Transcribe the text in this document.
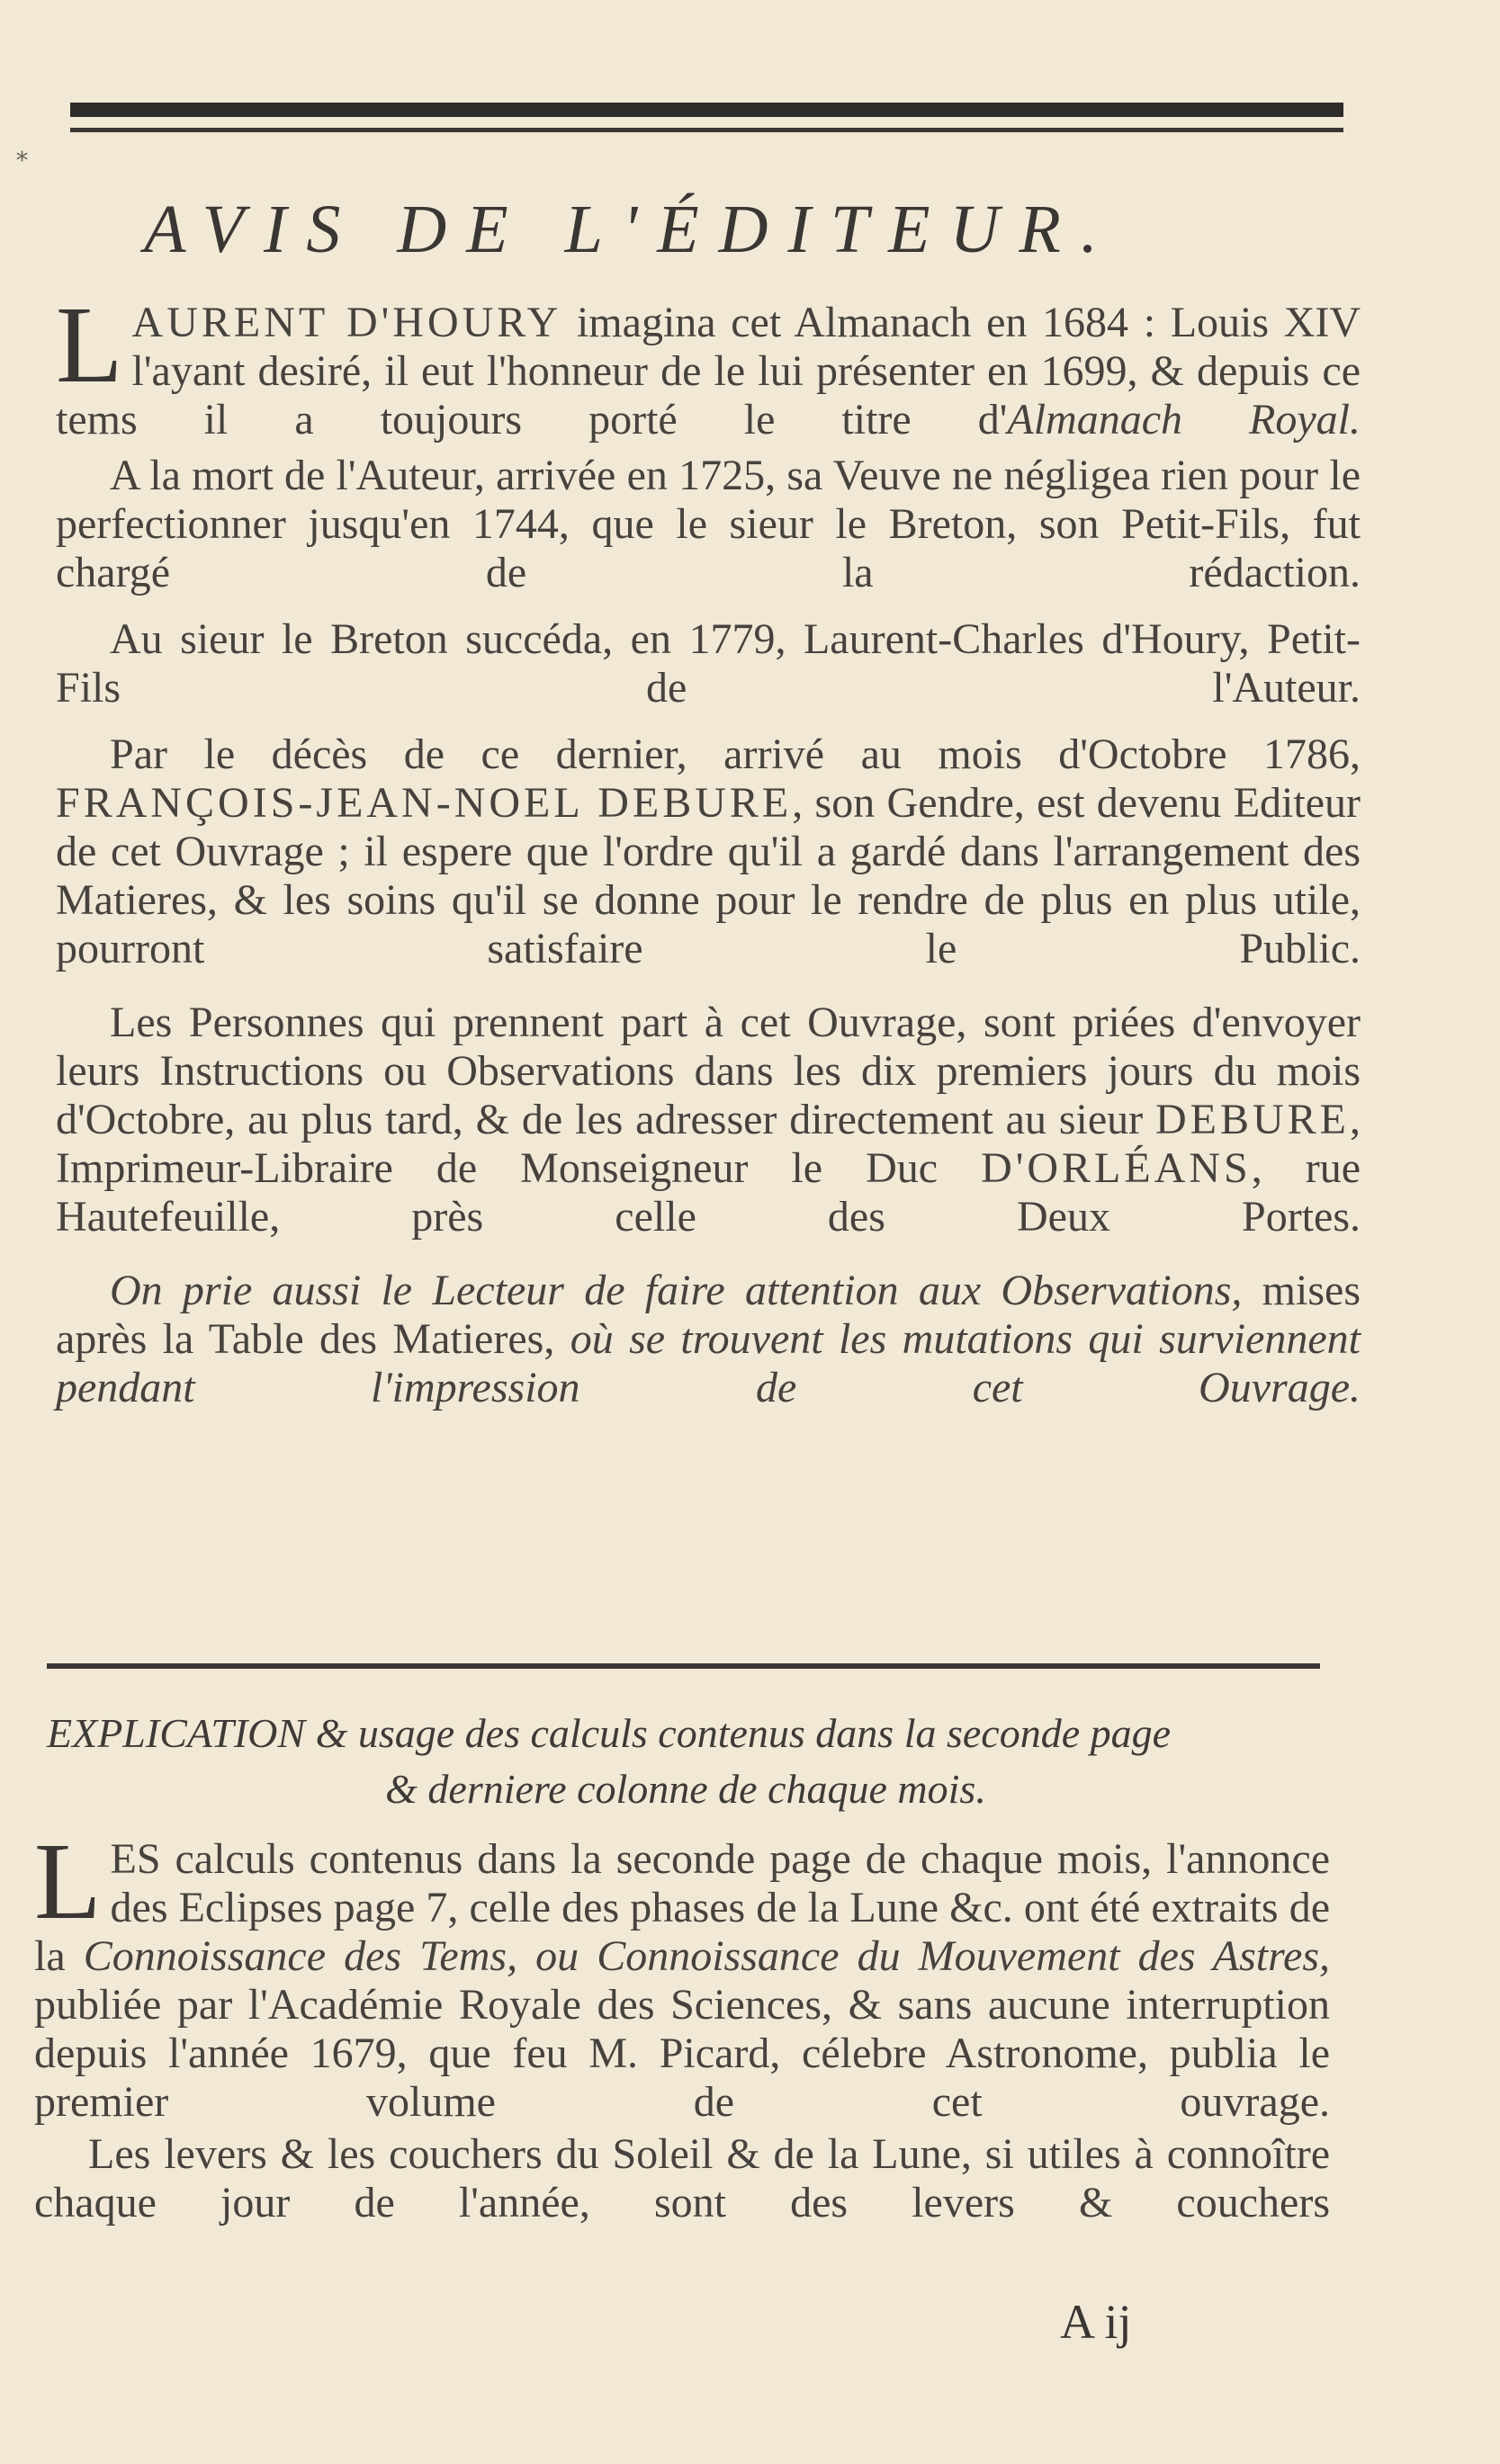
*
AVIS DE L'ÉDITEUR.

LAURENT D'HOURY imagina cet Almanach en 1684 : Louis XIV l'ayant desiré, il eut l'honneur de le lui présenter en 1699, & depuis ce tems il a toujours porté le titre d'Almanach Royal.

A la mort de l'Auteur, arrivée en 1725, sa Veuve ne négligea rien pour le perfectionner jusqu'en 1744, que le sieur le Breton, son Petit-Fils, fut chargé de la rédaction.

Au sieur le Breton succéda, en 1779, Laurent-Charles d'Houry, Petit-Fils de l'Auteur.

Par le décès de ce dernier, arrivé au mois d'Octobre 1786, FRANÇOIS-JEAN-NOEL DEBURE, son Gendre, est devenu Editeur de cet Ouvrage ; il espere que l'ordre qu'il a gardé dans l'arrangement des Matieres, & les soins qu'il se donne pour le rendre de plus en plus utile, pourront satisfaire le Public.

Les Personnes qui prennent part à cet Ouvrage, sont priées d'envoyer leurs Instructions ou Observations dans les dix premiers jours du mois d'Octobre, au plus tard, & de les adresser directement au sieur DEBURE, Imprimeur-Libraire de Monseigneur le Duc D'ORLÉANS, rue Hautefeuille, près celle des Deux Portes.

On prie aussi le Lecteur de faire attention aux Observations, mises après la Table des Matieres, où se trouvent les mutations qui surviennent pendant l'impression de cet Ouvrage.

EXPLICATION & usage des calculs contenus dans la seconde page
& derniere colonne de chaque mois.

LES calculs contenus dans la seconde page de chaque mois, l'annonce des Eclipses page 7, celle des phases de la Lune &c. ont été extraits de la Connoissance des Tems, ou Connoissance du Mouvement des Astres, publiée par l'Académie Royale des Sciences, & sans aucune interruption depuis l'année 1679, que feu M. Picard, célebre Astronome, publia le premier volume de cet ouvrage.

Les levers & les couchers du Soleil & de la Lune, si utiles à connoître chaque jour de l'année, sont des levers & couchers

A ij
